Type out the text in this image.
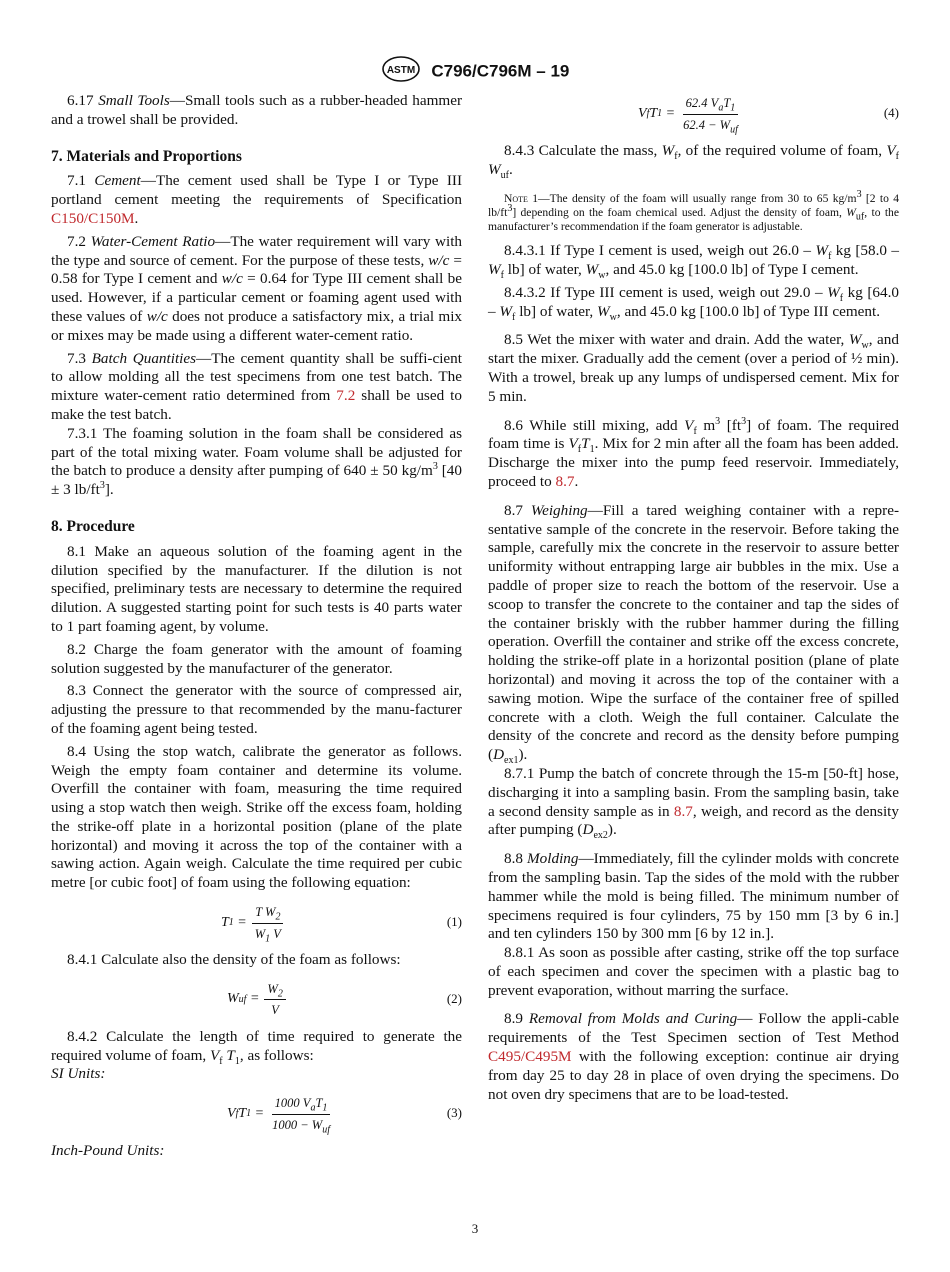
ASTM C796/C796M – 19

6.17 Small Tools—Small tools such as a rubber-headed hammer and a trowel shall be provided.

7. Materials and Proportions

7.1 Cement—The cement used shall be Type I or Type III portland cement meeting the requirements of Specification C150/C150M.

7.2 Water-Cement Ratio—The water requirement will vary with the type and source of cement. For the purpose of these tests, w/c = 0.58 for Type I cement and w/c = 0.64 for Type III cement shall be used. However, if a particular cement or foaming agent used with these values of w/c does not produce a satisfactory mix, a trial mix or mixes may be made using a different water-cement ratio.

7.3 Batch Quantities—The cement quantity shall be suffi-cient to allow molding all the test specimens from one test batch. The mixture water-cement ratio determined from 7.2 shall be used to make the test batch.

7.3.1 The foaming solution in the foam shall be considered as part of the total mixing water. Foam volume shall be adjusted for the batch to produce a density after pumping of 640 ± 50 $kg/m^3$ [40 ± 3 $lb/ft^3$].

8. Procedure

8.1 Make an aqueous solution of the foaming agent in the dilution specified by the manufacturer. If the dilution is not specified, preliminary tests are necessary to determine the required dilution. A suggested starting point for such tests is 40 parts water to 1 part foaming agent, by volume.

8.2 Charge the foam generator with the amount of foaming solution suggested by the manufacturer of the generator.

8.3 Connect the generator with the source of compressed air, adjusting the pressure to that recommended by the manu-facturer of the foaming agent being tested.

8.4 Using the stop watch, calibrate the generator as follows. Weigh the empty foam container and determine its volume. Overfill the container with foam, measuring the time required using a stop watch then weigh. Strike off the excess foam, holding the strike-off plate in a horizontal position (plane of the plate horizontal) and moving it across the top of the container with a sawing action. Again weigh. Calculate the time required per cubic metre [or cubic foot] of foam using the following equation:

T $1 = \frac{T W_2}{W_1 V}$	(1)

8.4.1 Calculate also the density of the foam as follows:

W uf = $\frac{W_2}{V}$	(2)

8.4.2 Calculate the length of time required to generate the required volume of foam, $V_f$ $T_1$, as follows:

SI Units:

V f T $1 = \frac{1000 V_aT_1}{1000 - W_{uf}}$	(3)

Inch-Pound Units:

V f T $1 = \frac{62.4 V_aT_1}{62.4 - W_{uf}}$	(4)

8.4.3 Calculate the mass, $W_f$, of the required volume of foam, $V_f$ $W_{uf}$.

Note 1—The density of the foam will usually range from 30 to 65 $kg/m^3$ [2 to 4 $lb/ft^3$] depending on the foam chemical used. Adjust the density of foam, $W_{uf}$, to the manufacturer’s recommendation if the foam generator is adjustable.

8.4.3.1 If Type I cement is used, weigh out $26.0 - W_f$ kg [$58.0 - W_f$ lb] of water, $W_w$, and 45.0 kg [100.0 lb] of Type I cement.

8.4.3.2 If Type III cement is used, weigh out $29.0 - W_f$ kg [$64.0 - W_f$ lb] of water, $W_w$, and 45.0 kg [100.0 lb] of Type III cement.

8.5 Wet the mixer with water and drain. Add the water, $W_w$, and start the mixer. Gradually add the cement (over a period of ½ min). With a trowel, break up any lumps of undispersed cement. Mix for 5 min.

8.6 While still mixing, add $V_f$ $m^3$ $[ft^3]$ of foam. The required foam time is $V_fT_1$. Mix for 2 min after all the foam has been added. Discharge the mixer into the pump feed reservoir. Immediately, proceed to 8.7.

8.7 Weighing—Fill a tared weighing container with a repre-sentative sample of the concrete in the reservoir. Before taking the sample, carefully mix the concrete in the reservoir to assure better uniformity without entrapping large air bubbles in the mix. Use a paddle of proper size to reach the bottom of the reservoir. Use a scoop to transfer the concrete to the container and tap the sides of the container briskly with the rubber hammer during the filling operation. Overfill the container and strike off the excess concrete, holding the strike-off plate in a horizontal position (plane of plate horizontal) and moving it across the top of the container with a sawing motion. Wipe the surface of the container free of spilled concrete with a cloth. Weigh the full container. Calculate the density of the concrete and record as the density before pumping $(D_{ex1})$.

8.7.1 Pump the batch of concrete through the 15-m [50-ft] hose, discharging it into a sampling basin. From the sampling basin, take a second density sample as in 8.7, weigh, and record as the density after pumping $(D_{ex2})$.

8.8 Molding—Immediately, fill the cylinder molds with concrete from the sampling basin. Tap the sides of the mold with the rubber hammer while the mold is being filled. The minimum number of specimens required is four cylinders, 75 by 150 mm [3 by 6 in.] and ten cylinders 150 by 300 mm [6 by 12 in.].

8.8.1 As soon as possible after casting, strike off the top surface of each specimen and cover the specimen with a plastic bag to prevent evaporation, without marring the surface.

8.9 Removal from Molds and Curing— Follow the appli-cable requirements of the Test Specimen section of Test Method C495/C495M with the following exception: continue air drying from day 25 to day 28 in place of oven drying the specimens. Do not oven dry specimens that are to be load-tested.

3
